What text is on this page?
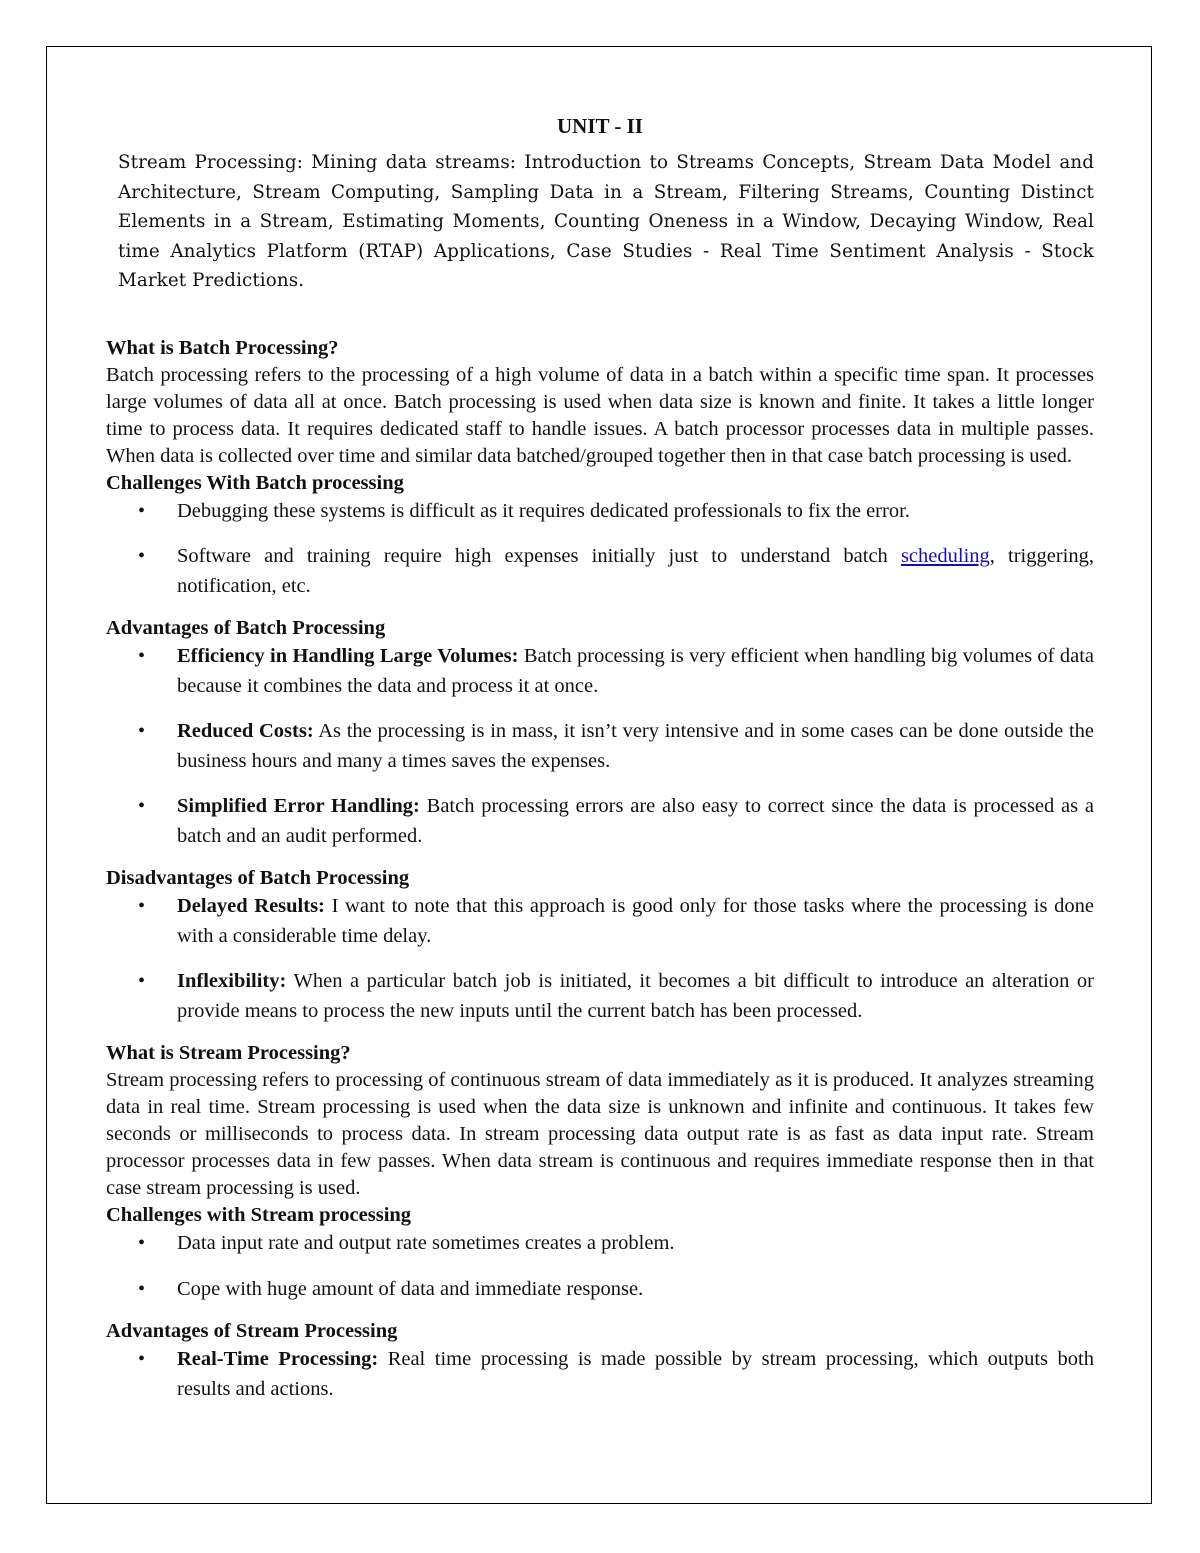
UNIT - II

Stream Processing: Mining data streams: Introduction to Streams Concepts, Stream Data Model and Architecture, Stream Computing, Sampling Data in a Stream, Filtering Streams, Counting Distinct Elements in a Stream, Estimating Moments, Counting Oneness in a Window, Decaying Window, Real time Analytics Platform (RTAP) Applications, Case Studies - Real Time Sentiment Analysis - Stock Market Predictions.

What is Batch Processing?

Batch processing refers to the processing of a high volume of data in a batch within a specific time span. It processes large volumes of data all at once. Batch processing is used when data size is known and finite. It takes a little longer time to process data. It requires dedicated staff to handle issues. A batch processor processes data in multiple passes. When data is collected over time and similar data batched/grouped together then in that case batch processing is used.

Challenges With Batch processing

• Debugging these systems is difficult as it requires dedicated professionals to fix the error.
• Software and training require high expenses initially just to understand batch scheduling, triggering, notification, etc.

Advantages of Batch Processing

• Efficiency in Handling Large Volumes: Batch processing is very efficient when handling big volumes of data because it combines the data and process it at once.
• Reduced Costs: As the processing is in mass, it isn’t very intensive and in some cases can be done outside the business hours and many a times saves the expenses.
• Simplified Error Handling: Batch processing errors are also easy to correct since the data is processed as a batch and an audit performed.

Disadvantages of Batch Processing

• Delayed Results: I want to note that this approach is good only for those tasks where the processing is done with a considerable time delay.
• Inflexibility: When a particular batch job is initiated, it becomes a bit difficult to introduce an alteration or provide means to process the new inputs until the current batch has been processed.

What is Stream Processing?

Stream processing refers to processing of continuous stream of data immediately as it is produced. It analyzes streaming data in real time. Stream processing is used when the data size is unknown and infinite and continuous. It takes few seconds or milliseconds to process data. In stream processing data output rate is as fast as data input rate. Stream processor processes data in few passes. When data stream is continuous and requires immediate response then in that case stream processing is used.

Challenges with Stream processing

• Data input rate and output rate sometimes creates a problem.
• Cope with huge amount of data and immediate response.

Advantages of Stream Processing

• Real-Time Processing: Real time processing is made possible by stream processing, which outputs both results and actions.
